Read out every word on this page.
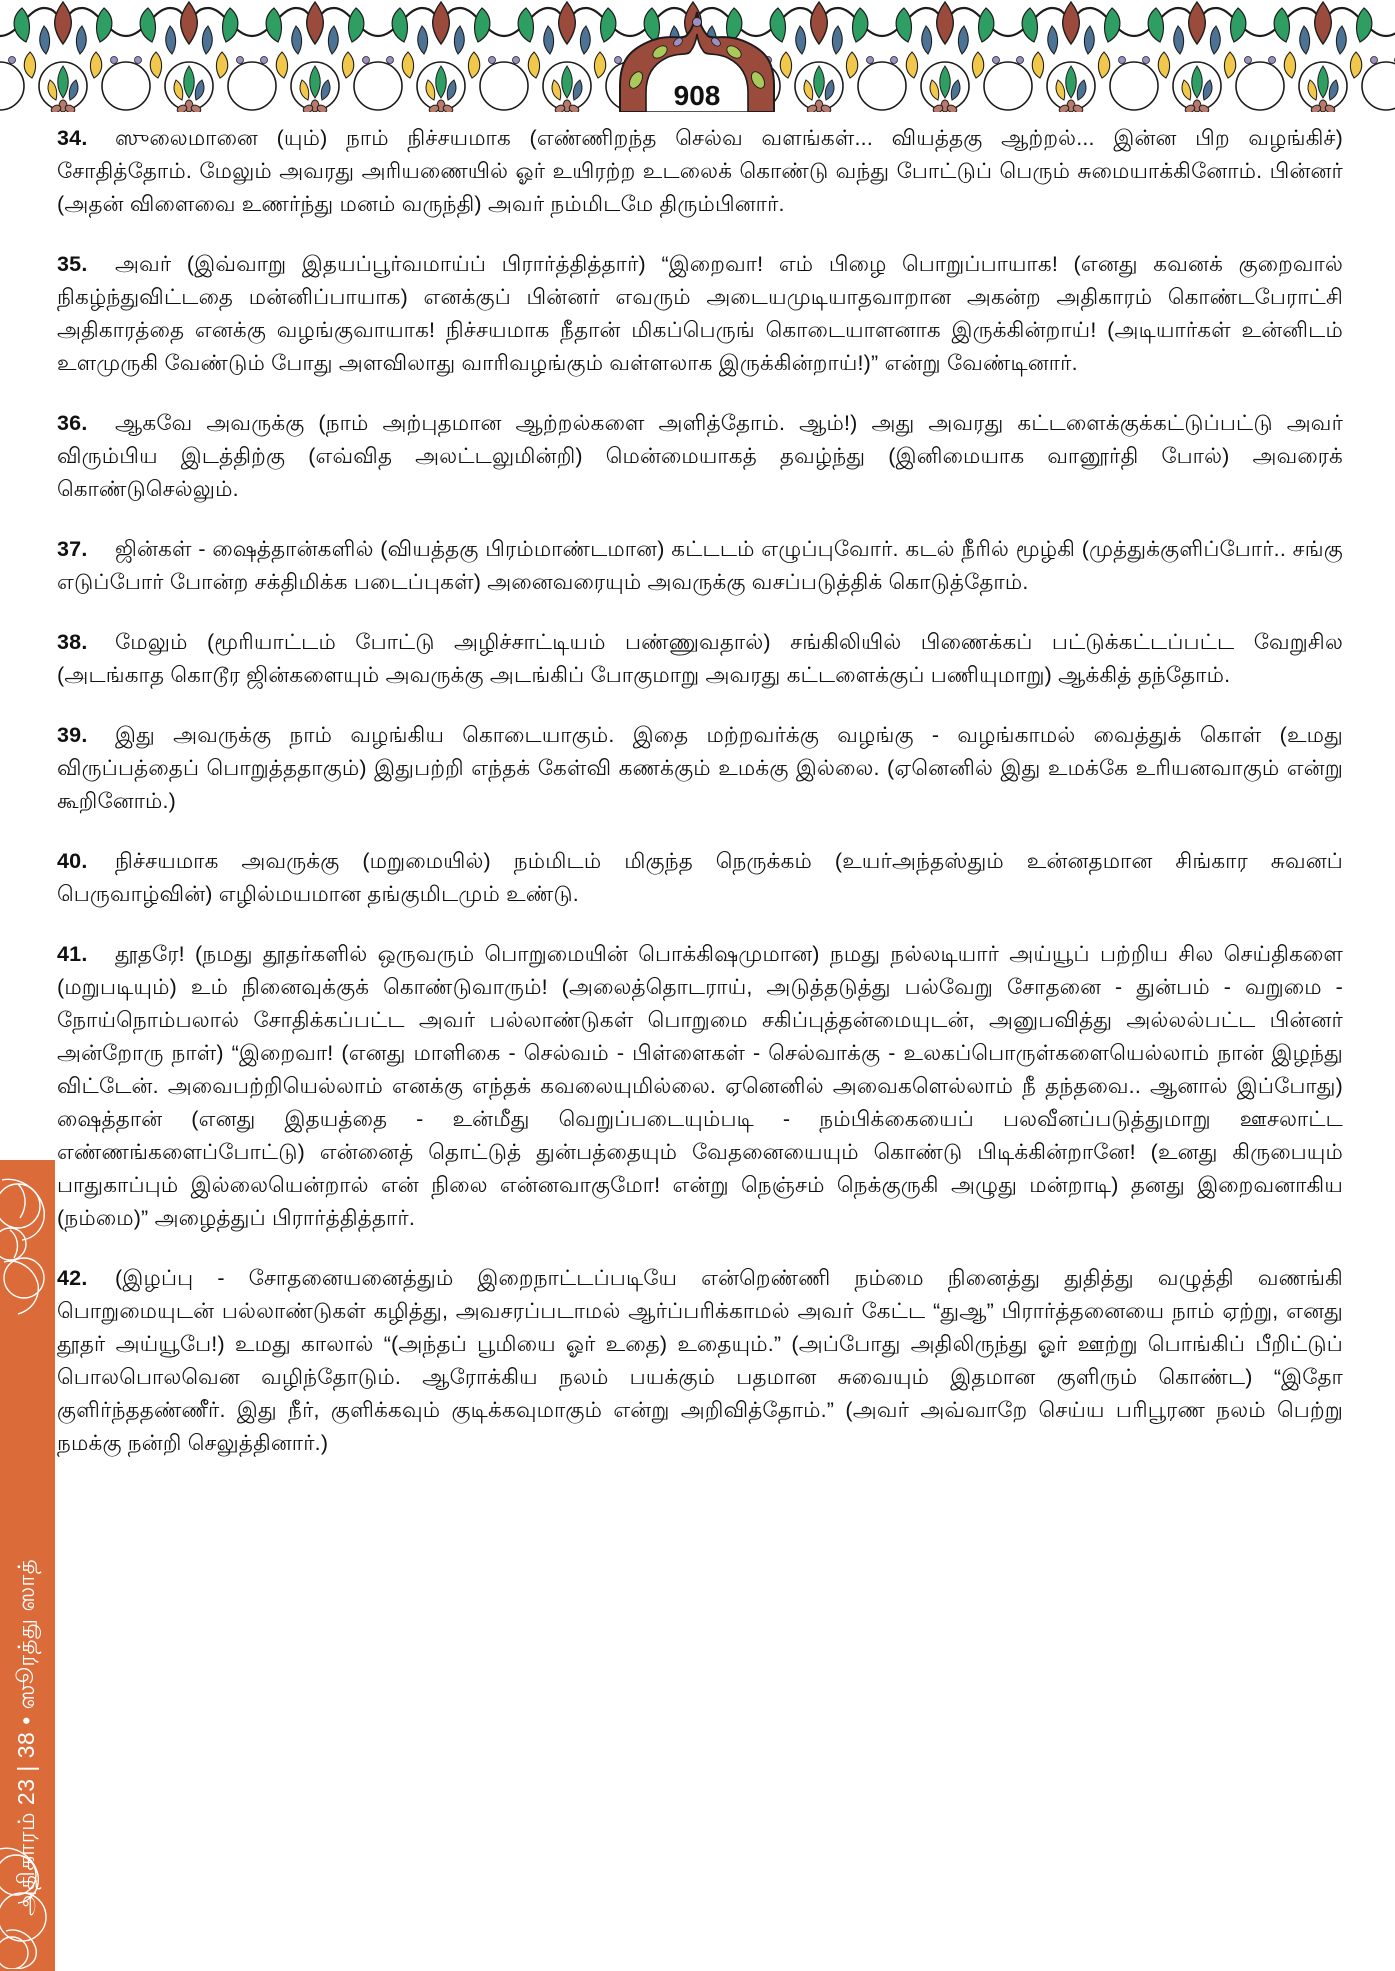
908

34. ஸுலைமானை (யும்) நாம் நிச்சயமாக (எண்ணிறந்த செல்வ வளங்கள்... வியத்தகு ஆற்றல்... இன்ன பிற வழங்கிச்) சோதித்தோம். மேலும் அவரது அரியணையில் ஓர் உயிரற்ற உடலைக் கொண்டு வந்து போட்டுப் பெரும் சுமையாக்கினோம். பின்னர் (அதன் விளைவை உணர்ந்து மனம் வருந்தி) அவர் நம்மிடமே திரும்பினார்.

35. அவர் (இவ்வாறு இதயப்பூர்வமாய்ப் பிரார்த்தித்தார்) “இறைவா! எம் பிழை பொறுப்பாயாக! (எனது கவனக் குறைவால் நிகழ்ந்துவிட்டதை மன்னிப்பாயாக) எனக்குப் பின்னர் எவரும் அடையமுடியாதவாறான அகன்ற அதிகாரம் கொண்டபேராட்சி அதிகாரத்தை எனக்கு வழங்குவாயாக! நிச்சயமாக நீதான் மிகப்பெருங் கொடையாளனாக இருக்கின்றாய்! (அடியார்கள் உன்னிடம் உளமுருகி வேண்டும் போது அளவிலாது வாரிவழங்கும் வள்ளலாக இருக்கின்றாய்!)” என்று வேண்டினார்.

36. ஆகவே அவருக்கு (நாம் அற்புதமான ஆற்றல்களை அளித்தோம். ஆம்!) அது அவரது கட்டளைக்குக்கட்டுப்பட்டு அவர் விரும்பிய இடத்திற்கு (எவ்வித அலட்டலுமின்றி) மென்மையாகத் தவழ்ந்து (இனிமையாக வானூர்தி போல்) அவரைக் கொண்டுசெல்லும்.

37. ஜின்கள் - ஷைத்தான்களில் (வியத்தகு பிரம்மாண்டமான) கட்டடம் எழுப்புவோர். கடல் நீரில் மூழ்கி (முத்துக்குளிப்போர்.. சங்கு எடுப்போர் போன்ற சக்திமிக்க படைப்புகள்) அனைவரையும் அவருக்கு வசப்படுத்திக் கொடுத்தோம்.

38. மேலும் (மூரியாட்டம் போட்டு அழிச்சாட்டியம் பண்ணுவதால்) சங்கிலியில் பிணைக்கப் பட்டுக்கட்டப்பட்ட வேறுசில (அடங்காத கொடூர ஜின்களையும் அவருக்கு அடங்கிப் போகுமாறு அவரது கட்டளைக்குப் பணியுமாறு) ஆக்கித் தந்தோம்.

39. இது அவருக்கு நாம் வழங்கிய கொடையாகும். இதை மற்றவர்க்கு வழங்கு - வழங்காமல் வைத்துக் கொள் (உமது விருப்பத்தைப் பொறுத்ததாகும்) இதுபற்றி எந்தக் கேள்வி கணக்கும் உமக்கு இல்லை. (ஏனெனில் இது உமக்கே உரியனவாகும் என்று கூறினோம்.)

40. நிச்சயமாக அவருக்கு (மறுமையில்) நம்மிடம் மிகுந்த நெருக்கம் (உயர்அந்தஸ்தும் உன்னதமான சிங்கார சுவனப் பெருவாழ்வின்) எழில்மயமான தங்குமிடமும் உண்டு.

41. தூதரே! (நமது தூதர்களில் ஒருவரும் பொறுமையின் பொக்கிஷமுமான) நமது நல்லடியார் அய்யூப் பற்றிய சில செய்திகளை (மறுபடியும்) உம் நினைவுக்குக் கொண்டுவாரும்! (அலைத்தொடராய், அடுத்தடுத்து பல்வேறு சோதனை - துன்பம் - வறுமை - நோய்நொம்பலால் சோதிக்கப்பட்ட அவர் பல்லாண்டுகள் பொறுமை சகிப்புத்தன்மையுடன், அனுபவித்து அல்லல்பட்ட பின்னர் அன்றோரு நாள்) “இறைவா! (எனது மாளிகை - செல்வம் - பிள்ளைகள் - செல்வாக்கு - உலகப்பொருள்களையெல்லாம் நான் இழந்து விட்டேன். அவைபற்றியெல்லாம் எனக்கு எந்தக் கவலையுமில்லை. ஏனெனில் அவைகளெல்லாம் நீ தந்தவை.. ஆனால் இப்போது) ஷைத்தான் (எனது இதயத்தை - உன்மீது வெறுப்படையும்படி - நம்பிக்கையைப் பலவீனப்படுத்துமாறு ஊசலாட்ட எண்ணங்களைப்போட்டு) என்னைத் தொட்டுத் துன்பத்தையும் வேதனையையும் கொண்டு பிடிக்கின்றானே! (உனது கிருபையும் பாதுகாப்பும் இல்லையென்றால் என் நிலை என்னவாகுமோ! என்று நெஞ்சம் நெக்குருகி அழுது மன்றாடி) தனது இறைவனாகிய (நம்மை)” அழைத்துப் பிரார்த்தித்தார்.

42. (இழப்பு - சோதனையனைத்தும் இறைநாட்டப்படியே என்றெண்ணி நம்மை நினைத்து துதித்து வழுத்தி வணங்கி பொறுமையுடன் பல்லாண்டுகள் கழித்து, அவசரப்படாமல் ஆர்ப்பரிக்காமல் அவர் கேட்ட “துஆ” பிரார்த்தனையை நாம் ஏற்று, எனது தூதர் அய்யூபே!) உமது காலால் “(அந்தப் பூமியை ஓர் உதை) உதையும்.” (அப்போது அதிலிருந்து ஓர் ஊற்று பொங்கிப் பீறிட்டுப் பொலபொலவென வழிந்தோடும். ஆரோக்கிய நலம் பயக்கும் பதமான சுவையும் இதமான குளிரும் கொண்ட) “இதோ குளிர்ந்ததண்ணீர். இது நீர், குளிக்கவும் குடிக்கவுமாகும் என்று அறிவித்தோம்.” (அவர் அவ்வாறே செய்ய பரிபூரண நலம் பெற்று நமக்கு நன்றி செலுத்தினார்.)

அதிகாரம் 23 | 38 • ஸூரத்து ஸாத்
